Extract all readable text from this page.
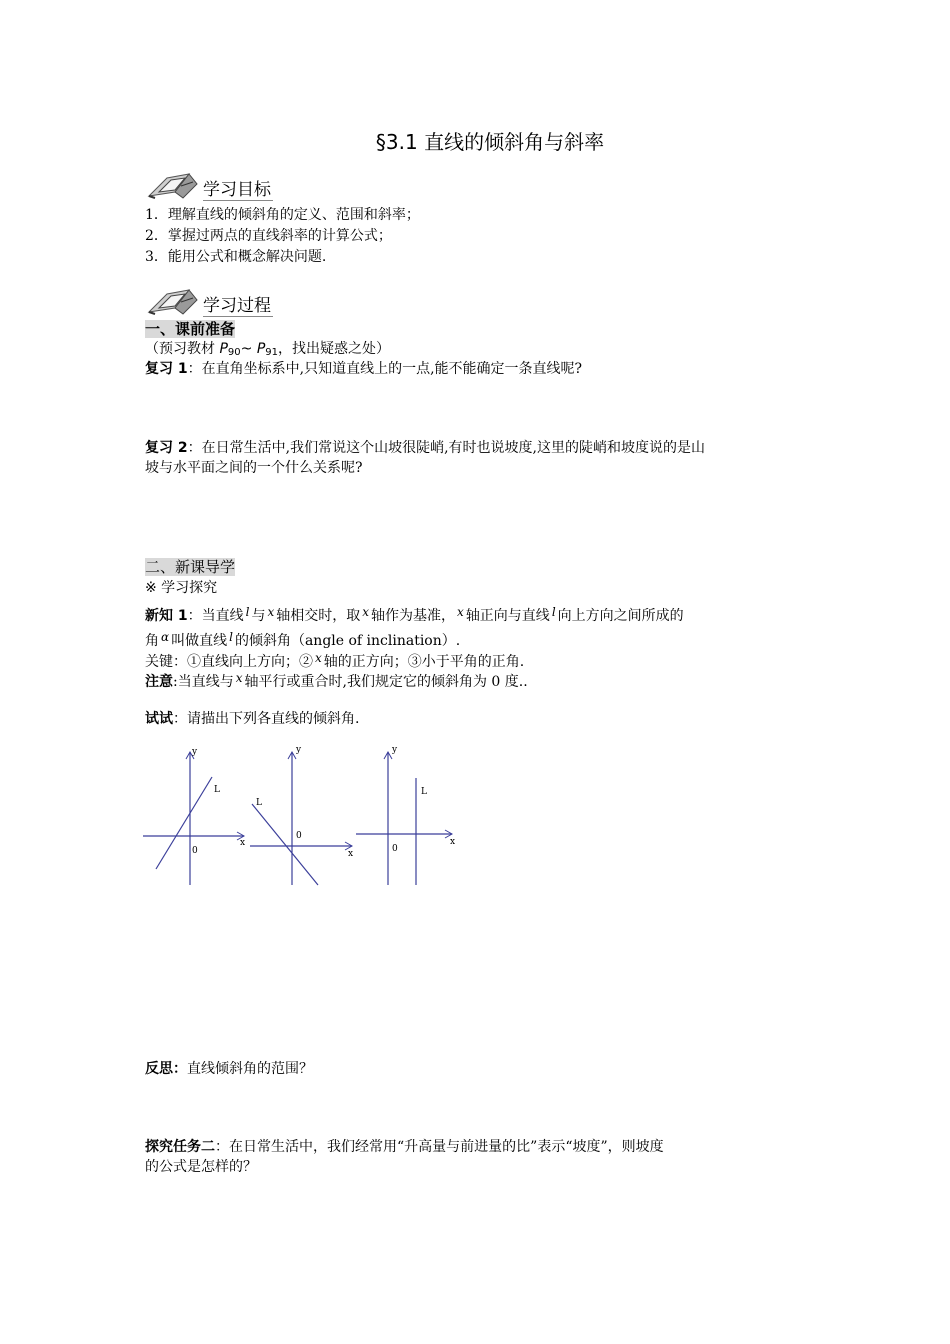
§3.1 直线的倾斜角与斜率
学习目标
1．理解直线的倾斜角的定义、范围和斜率；
2．掌握过两点的直线斜率的计算公式；
3．能用公式和概念解决问题.
学习过程
一、课前准备
（预习教材 $P_{90}\sim$ $P_{91}$，找出疑惑之处）
复习 1：在直角坐标系中,只知道直线上的一点,能不能确定一条直线呢?
复习 2：在日常生活中,我们常说这个山坡很陡峭,有时也说坡度,这里的陡峭和坡度说的是山
坡与水平面之间的一个什么关系呢?
二、新课导学
※ 学习探究
新知 1：当直线 l 与 x 轴相交时，取 x 轴作为基准， x 轴正向与直线 l 向上方向之间所成的
角 α 叫做直线 l 的倾斜角（angle of inclination）.
关键：①直线向上方向；② x 轴的正方向；③小于平角的正角.
注意:当直线与 x 轴平行或重合时,我们规定它的倾斜角为 0 度..
试试：请描出下列各直线的倾斜角.
y
x
0
L
y
x
0
L
y
x
0
L
反思：直线倾斜角的范围？
探究任务二：在日常生活中，我们经常用“升高量与前进量的比”表示“坡度”，则坡度
的公式是怎样的？
